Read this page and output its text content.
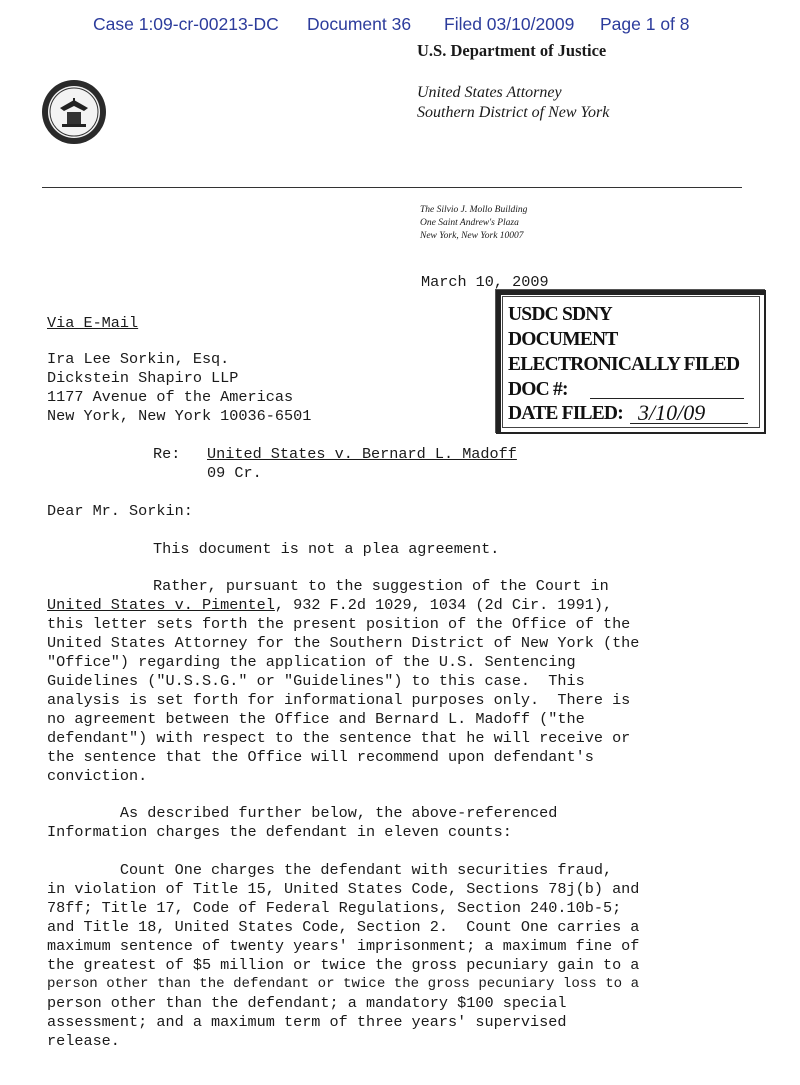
Case 1:09-cr-00213-DC Document 36 Filed 03/10/2009 Page 1 of 8
U.S. Department of Justice
United States Attorney
Southern District of New York
The Silvio J. Mollo Building
One Saint Andrew's Plaza
New York, New York 10007
March 10, 2009
USDC SDNY
DOCUMENT
ELECTRONICALLY FILED
DOC #:
DATE FILED: 3/10/09
Via E-Mail
Ira Lee Sorkin, Esq.
Dickstein Shapiro LLP
1177 Avenue of the Americas
New York, New York 10036-6501
Re: United States v. Bernard L. Madoff
09 Cr.
Dear Mr. Sorkin:
This document is not a plea agreement.
Rather, pursuant to the suggestion of the Court in
United States v. Pimentel, 932 F.2d 1029, 1034 (2d Cir. 1991),
this letter sets forth the present position of the Office of the
United States Attorney for the Southern District of New York (the
"Office") regarding the application of the U.S. Sentencing
Guidelines ("U.S.S.G." or "Guidelines") to this case.  This
analysis is set forth for informational purposes only.  There is
no agreement between the Office and Bernard L. Madoff ("the
defendant") with respect to the sentence that he will receive or
the sentence that the Office will recommend upon defendant's
conviction.
As described further below, the above-referenced
Information charges the defendant in eleven counts:
Count One charges the defendant with securities fraud,
in violation of Title 15, United States Code, Sections 78j(b) and
78ff; Title 17, Code of Federal Regulations, Section 240.10b-5;
and Title 18, United States Code, Section 2.  Count One carries a
maximum sentence of twenty years' imprisonment; a maximum fine of
the greatest of $5 million or twice the gross pecuniary gain to a
person other than the defendant or twice the gross pecuniary loss to a
person other than the defendant; a mandatory $100 special
assessment; and a maximum term of three years' supervised
release.
